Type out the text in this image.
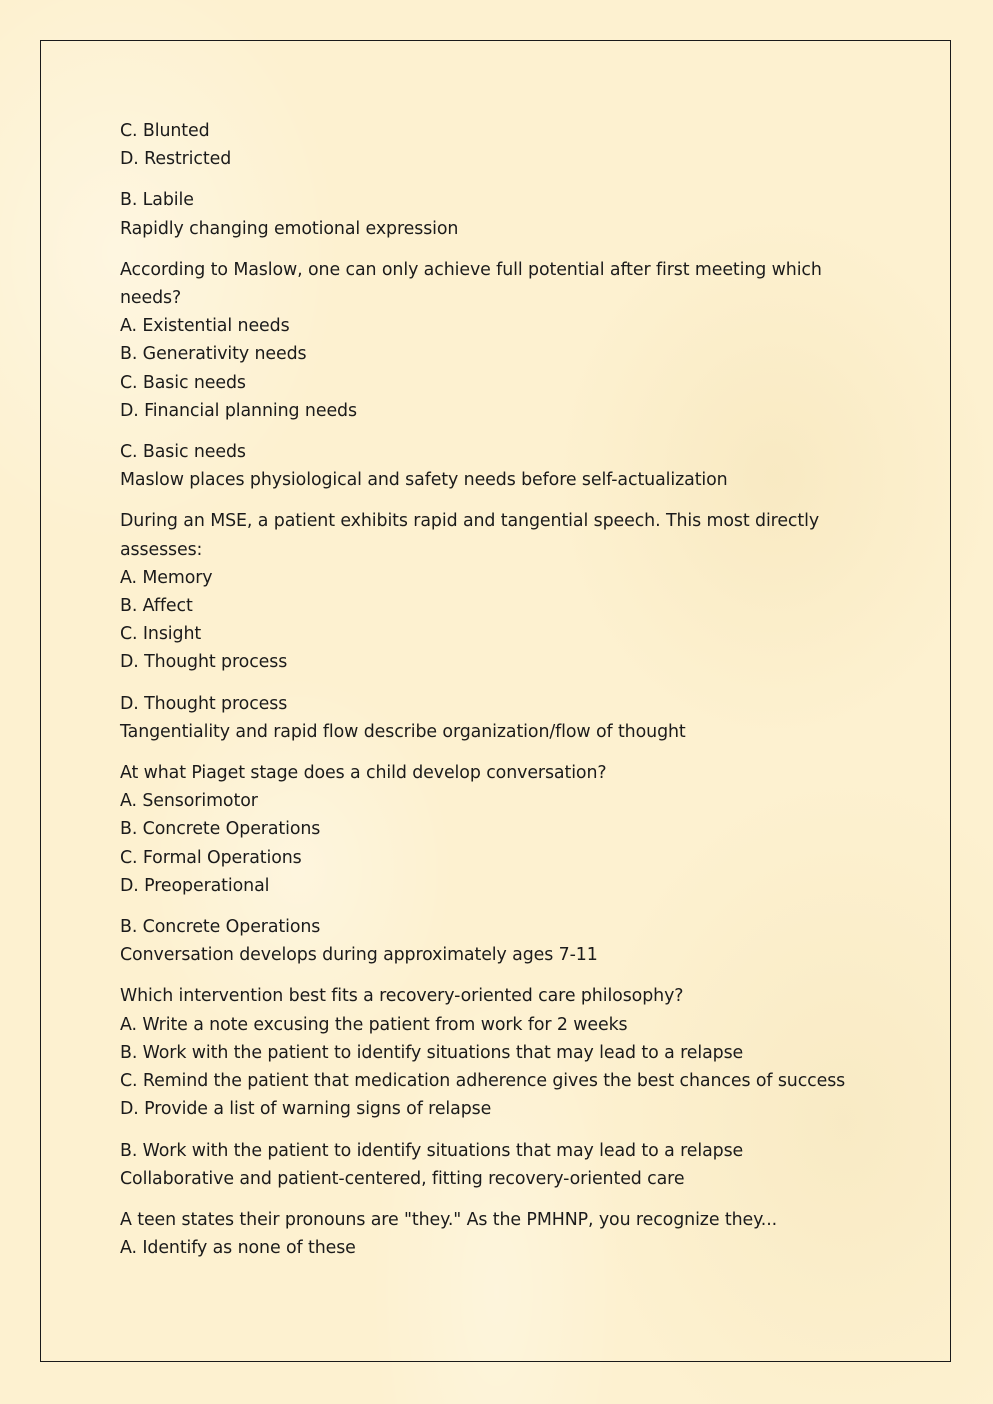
C. Blunted

D. Restricted

B. Labile

Rapidly changing emotional expression

According to Maslow, one can only achieve full potential after first meeting which

needs?

A. Existential needs

B. Generativity needs

C. Basic needs

D. Financial planning needs

C. Basic needs

Maslow places physiological and safety needs before self-actualization

During an MSE, a patient exhibits rapid and tangential speech. This most directly

assesses:

A. Memory

B. Affect

C. Insight

D. Thought process

D. Thought process

Tangentiality and rapid flow describe organization/flow of thought

At what Piaget stage does a child develop conversation?

A. Sensorimotor

B. Concrete Operations

C. Formal Operations

D. Preoperational

B. Concrete Operations

Conversation develops during approximately ages 7-11

Which intervention best fits a recovery-oriented care philosophy?

A. Write a note excusing the patient from work for 2 weeks

B. Work with the patient to identify situations that may lead to a relapse

C. Remind the patient that medication adherence gives the best chances of success

D. Provide a list of warning signs of relapse

B. Work with the patient to identify situations that may lead to a relapse

Collaborative and patient-centered, fitting recovery-oriented care

A teen states their pronouns are "they." As the PMHNP, you recognize they...

A. Identify as none of these
